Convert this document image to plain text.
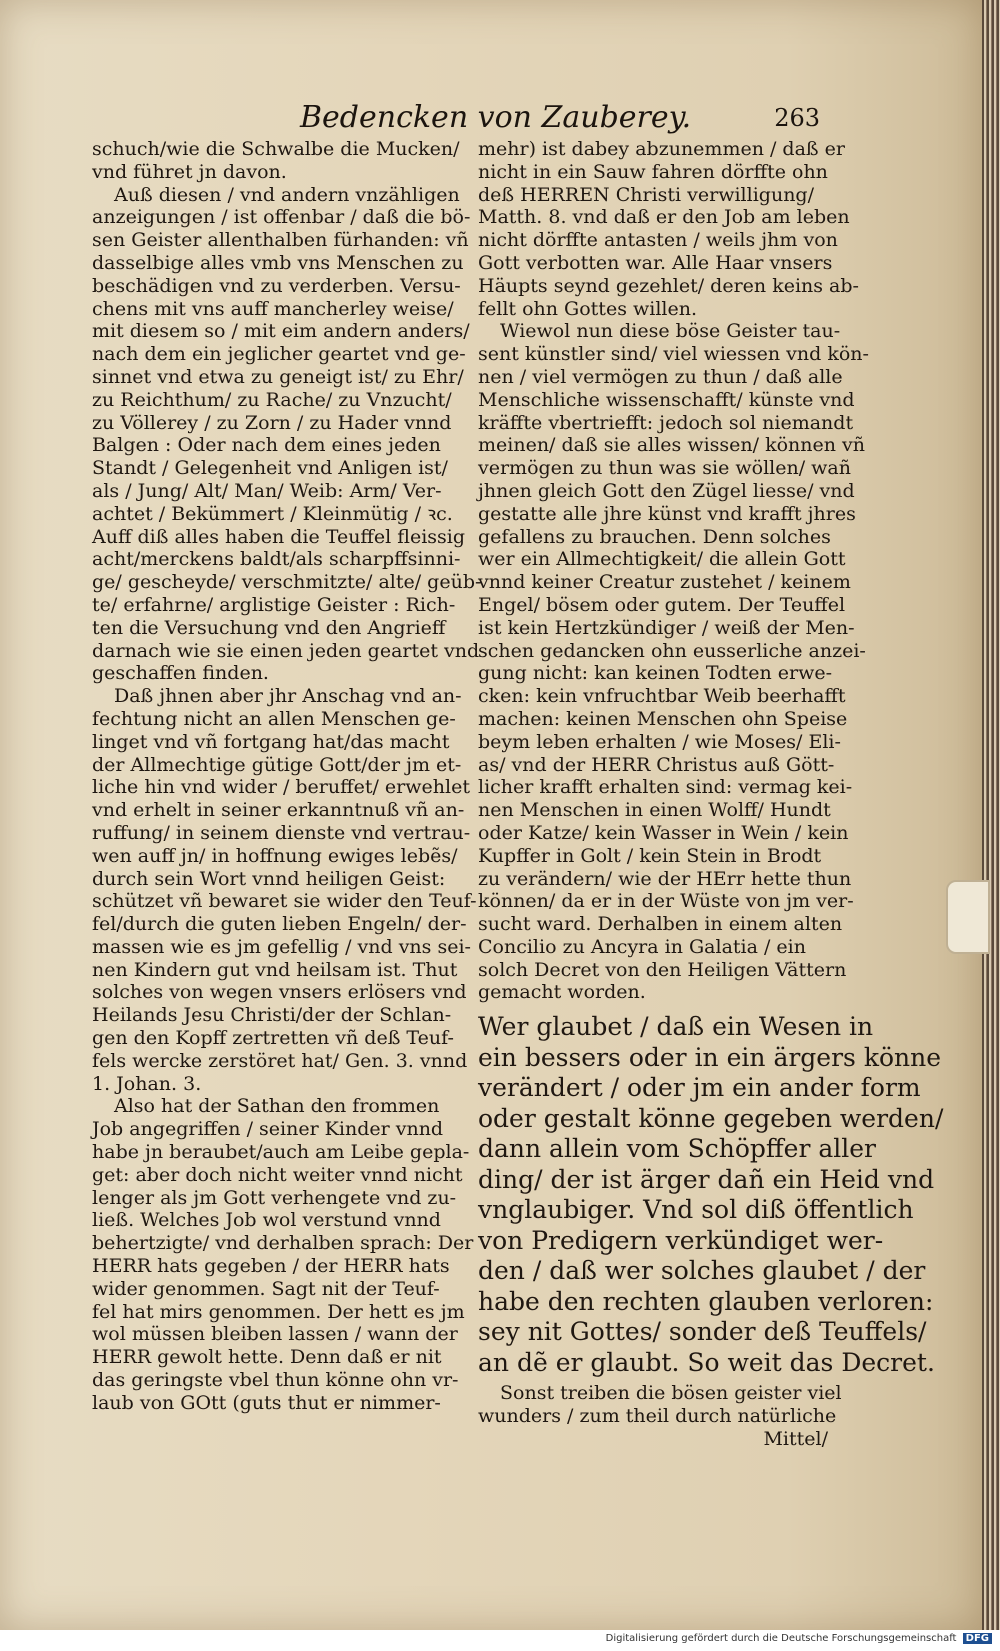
Bedencken von Zauberey.	263
schuch/wie die Schwalbe die Mucken/
vnd führet jn davon.
Auß diesen / vnd andern vnzähligen
anzeigungen / ist offenbar / daß die bö-
sen Geister allenthalben fürhanden: vñ
dasselbige alles vmb vns Menschen zu
beschädigen vnd zu verderben. Versu-
chens mit vns auff mancherley weise/
mit diesem so / mit eim andern anders/
nach dem ein jeglicher geartet vnd ge-
sinnet vnd etwa zu geneigt ist/ zu Ehr/
zu Reichthum/ zu Rache/ zu Vnzucht/
zu Völlerey / zu Zorn / zu Hader vnnd
Balgen : Oder nach dem eines jeden
Standt / Gelegenheit vnd Anligen ist/
als / Jung/ Alt/ Man/ Weib: Arm/ Ver-
achtet / Bekümmert / Kleinmütig / ꝛc.
Auff diß alles haben die Teuffel fleissig
acht/merckens baldt/als scharpffsinni-
ge/ gescheyde/ verschmitzte/ alte/ geüb-
te/ erfahrne/ arglistige Geister : Rich-
ten die Versuchung vnd den Angrieff
darnach wie sie einen jeden geartet vnd
geschaffen finden.
Daß jhnen aber jhr Anschag vnd an-
fechtung nicht an allen Menschen ge-
linget vnd vñ fortgang hat/das macht
der Allmechtige gütige Gott/der jm et-
liche hin vnd wider / beruffet/ erwehlet
vnd erhelt in seiner erkanntnuß vñ an-
ruffung/ in seinem dienste vnd vertrau-
wen auff jn/ in hoffnung ewiges lebẽs/
durch sein Wort vnnd heiligen Geist:
schützet vñ bewaret sie wider den Teuf-
fel/durch die guten lieben Engeln/ der-
massen wie es jm gefellig / vnd vns sei-
nen Kindern gut vnd heilsam ist. Thut
solches von wegen vnsers erlösers vnd
Heilands Jesu Christi/der der Schlan-
gen den Kopff zertretten vñ deß Teuf-
fels wercke zerstöret hat/ Gen. 3. vnnd
1. Johan. 3.
Also hat der Sathan den frommen
Job angegriffen / seiner Kinder vnnd
habe jn beraubet/auch am Leibe gepla-
get: aber doch nicht weiter vnnd nicht
lenger als jm Gott verhengete vnd zu-
ließ. Welches Job wol verstund vnnd
behertzigte/ vnd derhalben sprach: Der
HERR hats gegeben / der HERR hats
wider genommen. Sagt nit der Teuf-
fel hat mirs genommen. Der hett es jm
wol müssen bleiben lassen / wann der
HERR gewolt hette. Denn daß er nit
das geringste vbel thun könne ohn vr-
laub von GOtt (guts thut er nimmer-
mehr) ist dabey abzunemmen / daß er
nicht in ein Sauw fahren dörffte ohn
deß HERREN Christi verwilligung/
Matth. 8. vnd daß er den Job am leben
nicht dörffte antasten / weils jhm von
Gott verbotten war. Alle Haar vnsers
Häupts seynd gezehlet/ deren keins ab-
fellt ohn Gottes willen.
Wiewol nun diese böse Geister tau-
sent künstler sind/ viel wiessen vnd kön-
nen / viel vermögen zu thun / daß alle
Menschliche wissenschafft/ künste vnd
kräffte vbertriefft: jedoch sol niemandt
meinen/ daß sie alles wissen/ können vñ
vermögen zu thun was sie wöllen/ wañ
jhnen gleich Gott den Zügel liesse/ vnd
gestatte alle jhre künst vnd krafft jhres
gefallens zu brauchen. Denn solches
wer ein Allmechtigkeit/ die allein Gott
vnnd keiner Creatur zustehet / keinem
Engel/ bösem oder gutem. Der Teuffel
ist kein Hertzkündiger / weiß der Men-
schen gedancken ohn eusserliche anzei-
gung nicht: kan keinen Todten erwe-
cken: kein vnfruchtbar Weib beerhafft
machen: keinen Menschen ohn Speise
beym leben erhalten / wie Moses/ Eli-
as/ vnd der HERR Christus auß Gött-
licher krafft erhalten sind: vermag kei-
nen Menschen in einen Wolff/ Hundt
oder Katze/ kein Wasser in Wein / kein
Kupffer in Golt / kein Stein in Brodt
zu verändern/ wie der HErr hette thun
können/ da er in der Wüste von jm ver-
sucht ward. Derhalben in einem alten
Concilio zu Ancyra in Galatia / ein
solch Decret von den Heiligen Vättern
gemacht worden.
Wer glaubet / daß ein Wesen in
ein bessers oder in ein ärgers könne
verändert / oder jm ein ander form
oder gestalt könne gegeben werden/
dann allein vom Schöpffer aller
ding/ der ist ärger dañ ein Heid vnd
vnglaubiger. Vnd sol diß öffentlich
von Predigern verkündiget wer-
den / daß wer solches glaubet / der
habe den rechten glauben verloren:
sey nit Gottes/ sonder deß Teuffels/
an dẽ er glaubt. So weit das Decret.
Sonst treiben die bösen geister viel
wunders / zum theil durch natürliche
Mittel/
Digitalisierung gefördert durch die Deutsche Forschungsgemeinschaft DFG
